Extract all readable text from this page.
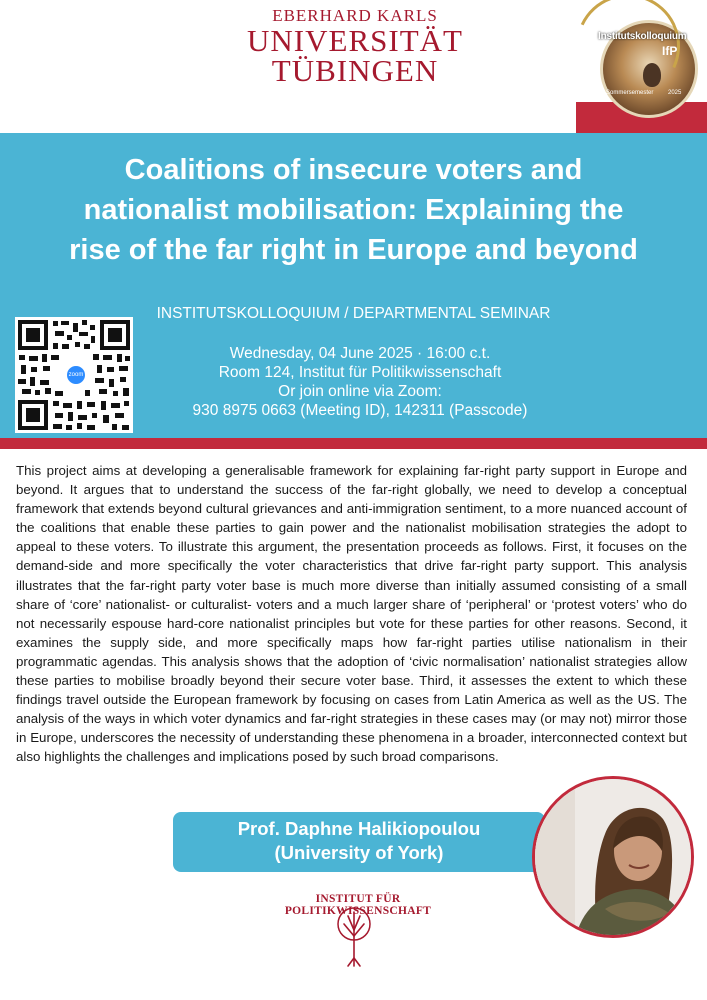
EBERHARD KARLS
UNIVERSITÄT
TÜBINGEN
Institutskolloquium
IfP
Sommersemester 2025
Coalitions of insecure voters and
nationalist mobilisation: Explaining the
rise of the far right in Europe and beyond
INSTITUTSKOLLOQUIUM / DEPARTMENTAL SEMINAR
zoom
Wednesday, 04 June 2025 · 16:00 c.t.
Room 124, Institut für Politikwissenschaft
Or join online via Zoom:
930 8975 0663 (Meeting ID), 142311 (Passcode)

This project aims at developing a generalisable framework for explaining far-right party support in Europe and beyond. It argues that to understand the success of the far-right globally, we need to develop a conceptual framework that extends beyond cultural grievances and anti-immigration sentiment, to a more nuanced account of the coalitions that enable these parties to gain power and the nationalist mobilisation strategies the adopt to appeal to these voters. To illustrate this argument, the presentation proceeds as follows. First, it focuses on the demand-side and more specifically the voter characteristics that drive far-right party support. This analysis illustrates that the far-right party voter base is much more diverse than initially assumed consisting of a small share of ‘core’ nationalist- or culturalist- voters and a much larger share of ‘peripheral’ or ‘protest voters’ who do not necessarily espouse hard-core nationalist principles but vote for these parties for other reasons. Second, it examines the supply side, and more specifically maps how far-right parties utilise nationalism in their programmatic agendas. This analysis shows that the adoption of ‘civic normalisation’ nationalist strategies allow these parties to mobilise broadly beyond their secure voter base. Third, it assesses the extent to which these findings travel outside the European framework by focusing on cases from Latin America as well as the US. The analysis of the ways in which voter dynamics and far-right strategies in these cases may (or may not) mirror those in Europe, underscores the necessity of understanding these phenomena in a broader, interconnected context but also highlights the challenges and implications posed by such broad comparisons.

Prof. Daphne Halikiopoulou
(University of York)
INSTITUT FÜR POLITIKWISSENSCHAFT
